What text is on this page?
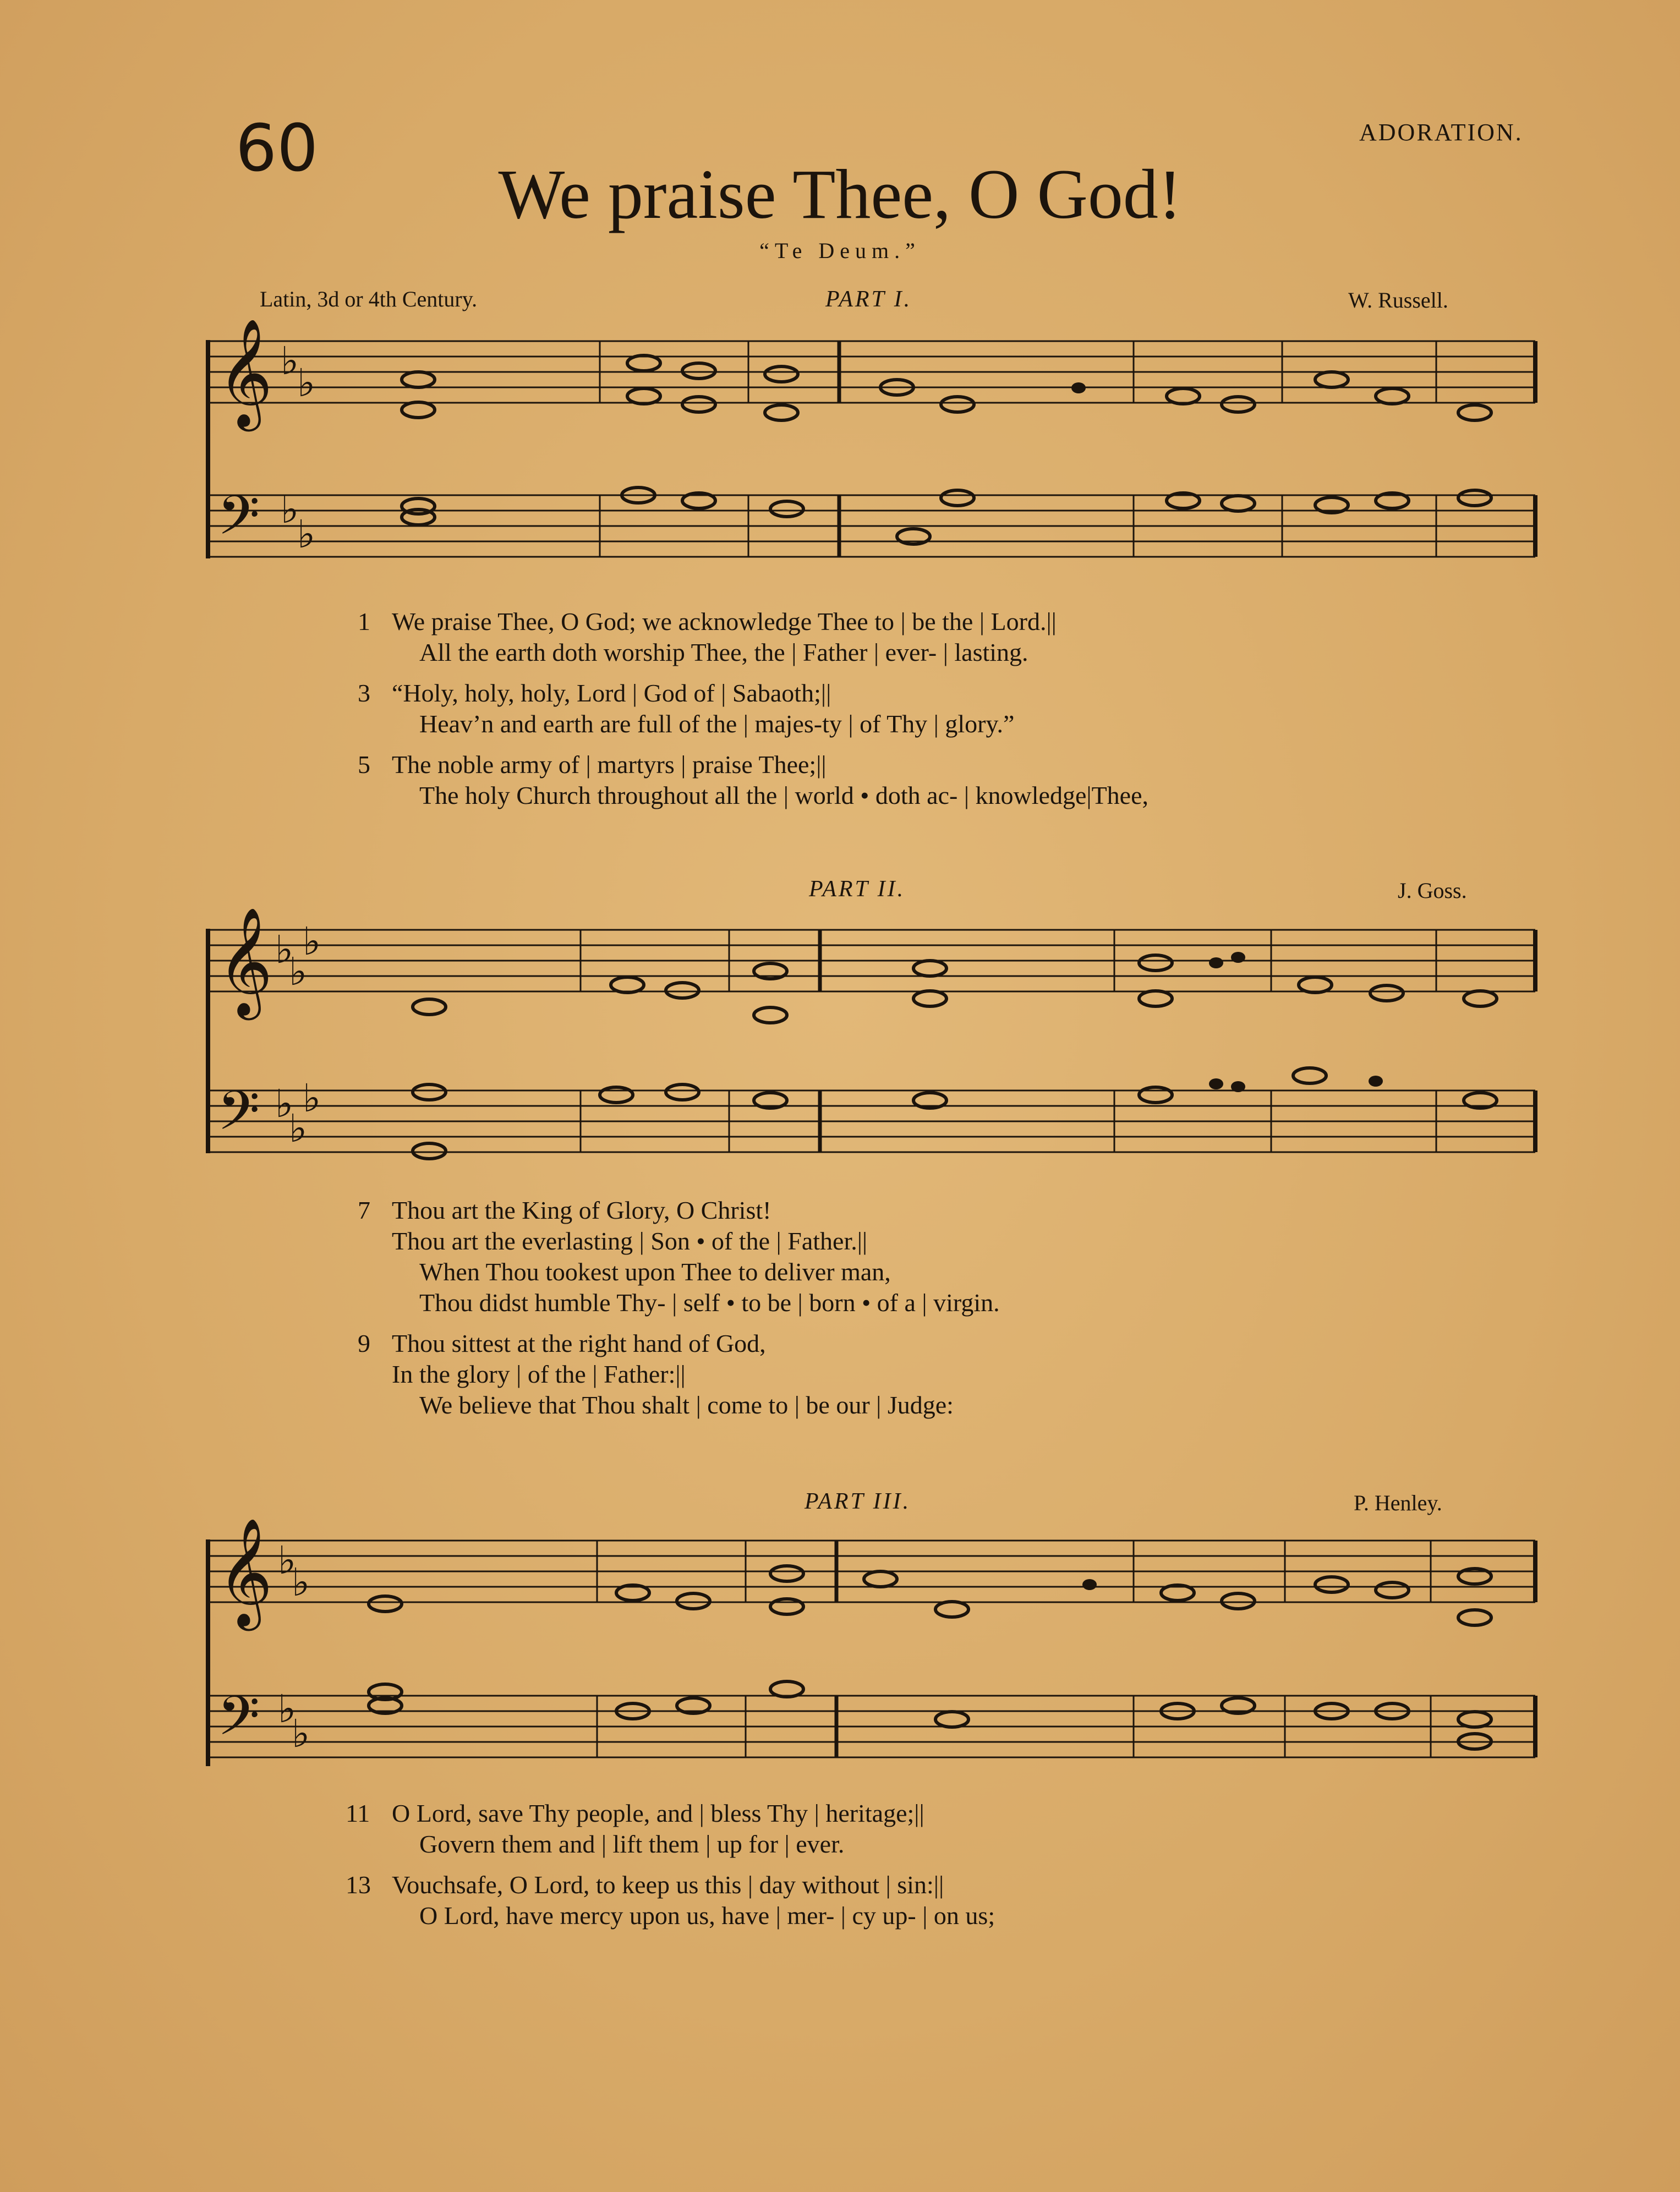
60	ADORATION.
We praise Thee, O God!
“Te Deum.”
Latin, 3d or 4th Century.	PART I.	W. Russell.
PART II.	J. Goss.
PART III.	P. Henley.
𝄞
𝄢
♭
♭
♭
♭
𝄞
𝄢
♭
♭
♭
♭
♭
♭
𝄞
𝄢
♭
♭
♭
♭
1 We praise Thee, O God; we acknowledge Thee to | be the | Lord.||
All the earth doth worship Thee, the | Father | ever- | lasting.
3 “Holy, holy, holy, Lord | God of | Sabaoth;||
Heav’n and earth are full of the | majes-ty | of Thy | glory.”
5 The noble army of | martyrs | praise Thee;||
The holy Church throughout all the | world • doth ac- | knowledge|Thee,
7 Thou art the King of Glory, O Christ!
Thou art the everlasting | Son • of the | Father.||
When Thou tookest upon Thee to deliver man,
Thou didst humble Thy- | self • to be | born • of a | virgin.
9 Thou sittest at the right hand of God,
In the glory | of the | Father:||
We believe that Thou shalt | come to | be our | Judge:
11 O Lord, save Thy people, and | bless Thy | heritage;||
Govern them and | lift them | up for | ever.
13 Vouchsafe, O Lord, to keep us this | day without | sin:||
O Lord, have mercy upon us, have | mer- | cy up- | on us;
